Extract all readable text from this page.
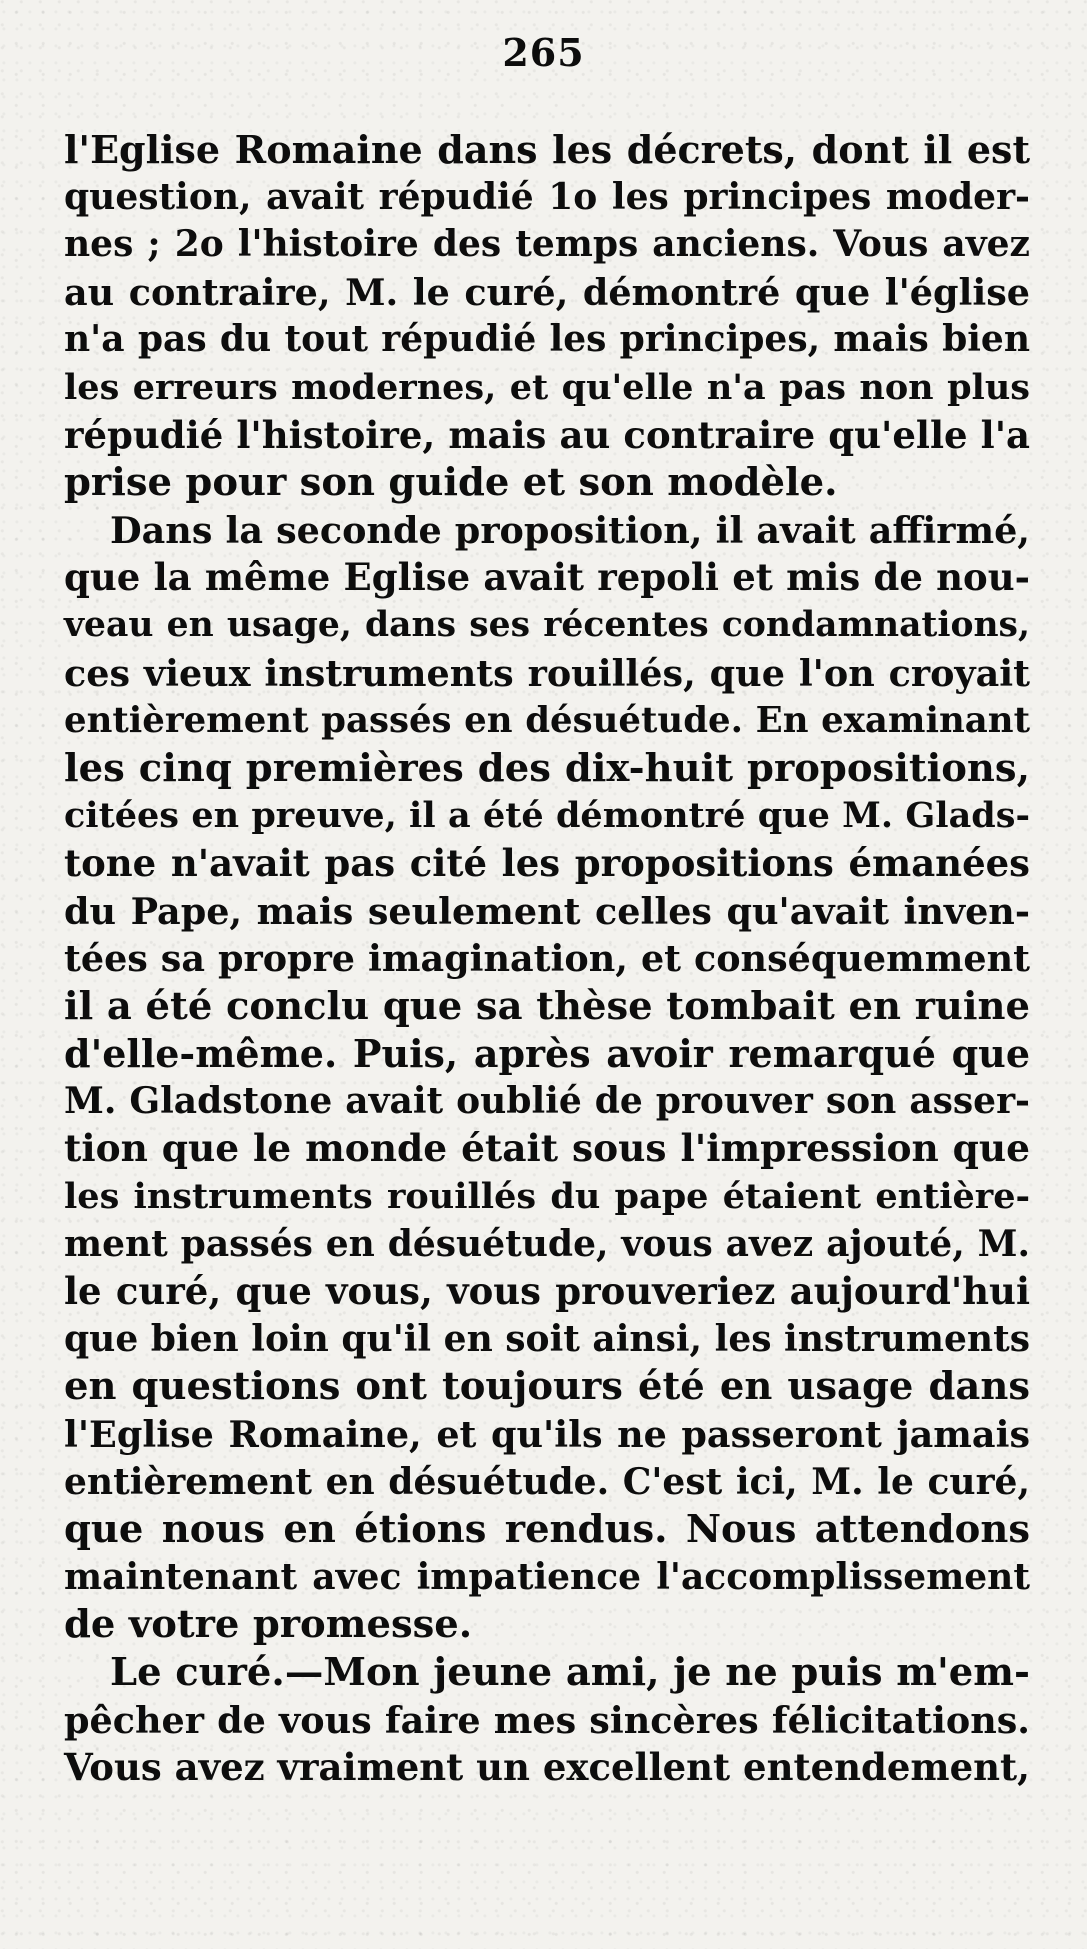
265
l'Eglise Romaine dans les décrets, dont il est
question, avait répudié 1o les principes moder-
nes ; 2o l'histoire des temps anciens. Vous avez
au contraire, M. le curé, démontré que l'église
n'a pas du tout répudié les principes, mais bien
les erreurs modernes, et qu'elle n'a pas non plus
répudié l'histoire, mais au contraire qu'elle l'a
prise pour son guide et son modèle.
Dans la seconde proposition, il avait affirmé,
que la même Eglise avait repoli et mis de nou-
veau en usage, dans ses récentes condamnations,
ces vieux instruments rouillés, que l'on croyait
entièrement passés en désuétude. En examinant
les cinq premières des dix-huit propositions,
citées en preuve, il a été démontré que M. Glads-
tone n'avait pas cité les propositions émanées
du Pape, mais seulement celles qu'avait inven-
tées sa propre imagination, et conséquemment
il a été conclu que sa thèse tombait en ruine
d'elle-même. Puis, après avoir remarqué que
M. Gladstone avait oublié de prouver son asser-
tion que le monde était sous l'impression que
les instruments rouillés du pape étaient entière-
ment passés en désuétude, vous avez ajouté, M.
le curé, que vous, vous prouveriez aujourd'hui
que bien loin qu'il en soit ainsi, les instruments
en questions ont toujours été en usage dans
l'Eglise Romaine, et qu'ils ne passeront jamais
entièrement en désuétude. C'est ici, M. le curé,
que nous en étions rendus. Nous attendons
maintenant avec impatience l'accomplissement
de votre promesse.
Le curé.—Mon jeune ami, je ne puis m'em-
pêcher de vous faire mes sincères félicitations.
Vous avez vraiment un excellent entendement,
